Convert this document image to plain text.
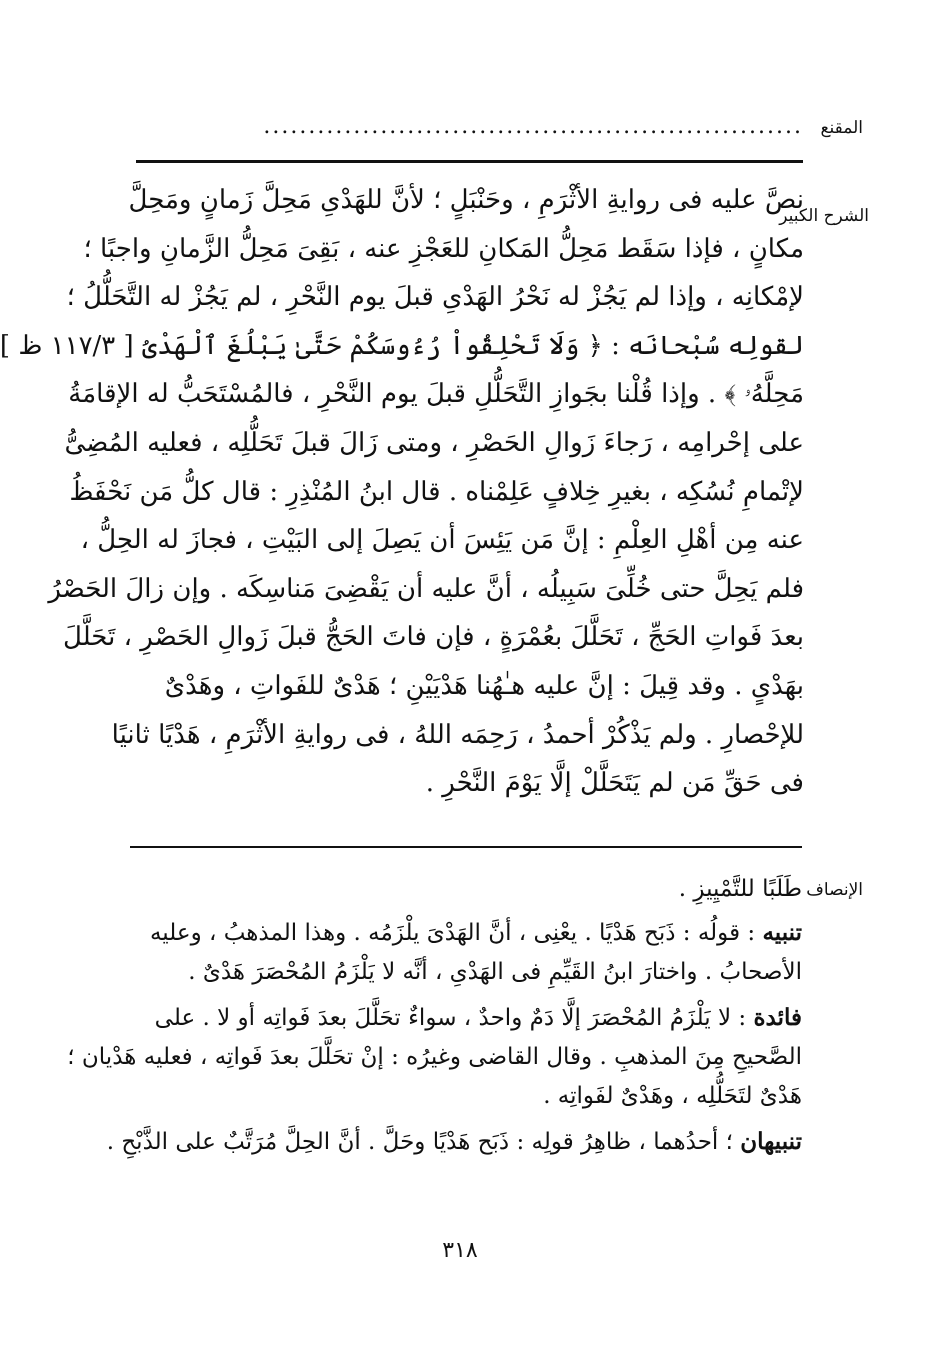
المقنع
............................................................
الشرح الكبير
نصَّ عليه فى روايةِ الأثْرَمِ ، وحَنْبَلٍ ؛ لأنَّ للهَدْىِ مَحِلَّ زَمانٍ ومَحِلَّ
مكانٍ ، فإذا سَقَط مَحِلُّ المَكانِ للعَجْزِ عنه ، بَقِىَ مَحِلُّ الزَّمانِ واجبًا ؛
لإمْكانِه ، وإذا لم يَجُزْ له نَحْرُ الهَدْىِ قبلَ يوم النَّحْرِ ، لم يَجُزْ له التَّحَلُّلُ ؛
لقولِه سُبْحانَه : ﴿ وَلَا تَحْلِقُواْ رُءُوسَكُمْ حَتَّىٰ يَبْلُغَ ٱلْهَدْىُ [ ١١٧/٣ ظ ]
مَحِلَّهُۥ ﴾ . وإذا قُلْنا بجَوازِ التَّحَلُّلِ قبلَ يوم النَّحْرِ ، فالمُسْتَحَبُّ له الإقامَةُ
على إحْرامِه ، رَجاءَ زَوالِ الحَصْرِ ، ومتى زَالَ قبلَ تَحَلُّلِه ، فعليه المُضِىُّ
لإتْمامِ نُسُكِه ، بغيرِ خِلافٍ عَلِمْناه . قال ابنُ المُنْذِرِ : قال كلُّ مَن نَحْفَظُ
عنه مِن أهْلِ العِلْمِ : إنَّ مَن يَئِسَ أن يَصِلَ إلى البَيْتِ ، فجازَ له الحِلُّ ،
فلم يَحِلَّ حتى خُلِّىَ سَبِيلُه ، أنَّ عليه أن يَقْضِىَ مَناسِكَه . وإن زالَ الحَصْرُ
بعدَ فَواتِ الحَجِّ ، تَحَلَّلَ بعُمْرَةٍ ، فإن فاتَ الحَجُّ قبلَ زَوالِ الحَصْرِ ، تَحَلَّلَ
بهَدْىٍ . وقد قِيلَ : إنَّ عليه هـٰهُنا هَدْيَيْنِ ؛ هَدْىٌ للفَواتِ ، وهَدْىٌ
للإحْصارِ . ولم يَذْكُرْ أحمدُ ، رَحِمَه اللهُ ، فى روايةِ الأثْرَمِ ، هَدْيًا ثانيًا
فى حَقِّ مَن لم يَتَحَلَّلْ إلَّا يَوْمَ النَّحْرِ .
الإنصاف
طَلَبًا للتَّمْيِيزِ .
تنبيه : قولُه : ذَبَح هَدْيًا . يعْنِى ، أنَّ الهَدْىَ يلْزَمُه . وهذا المذهبُ ، وعليه
الأصحابُ . واختارَ ابنُ القَيِّمِ فى الهَدْىِ ، أنَّه لا يَلْزَمُ المُحْصَرَ هَدْىٌ .
فائدة : لا يَلْزَمُ المُحْصَرَ إلَّا دَمٌ واحدٌ ، سواءٌ تحَلَّلَ بعدَ فَواتِه أو لا . على
الصَّحيحِ مِنَ المذهبِ . وقال القاضى وغيرُه : إنْ تحَلَّلَ بعدَ فَواتِه ، فعليه هَدْيان ؛
هَدْىٌ لتَحَلُّلِه ، وهَدْىٌ لفَواتِه .
تنبيهان ؛ أحدُهما ، ظاهِرُ قولِه : ذَبَح هَدْيًا وحَلَّ . أنَّ الحِلَّ مُرَتَّبٌ على الذَّبْحِ .
٣١٨
